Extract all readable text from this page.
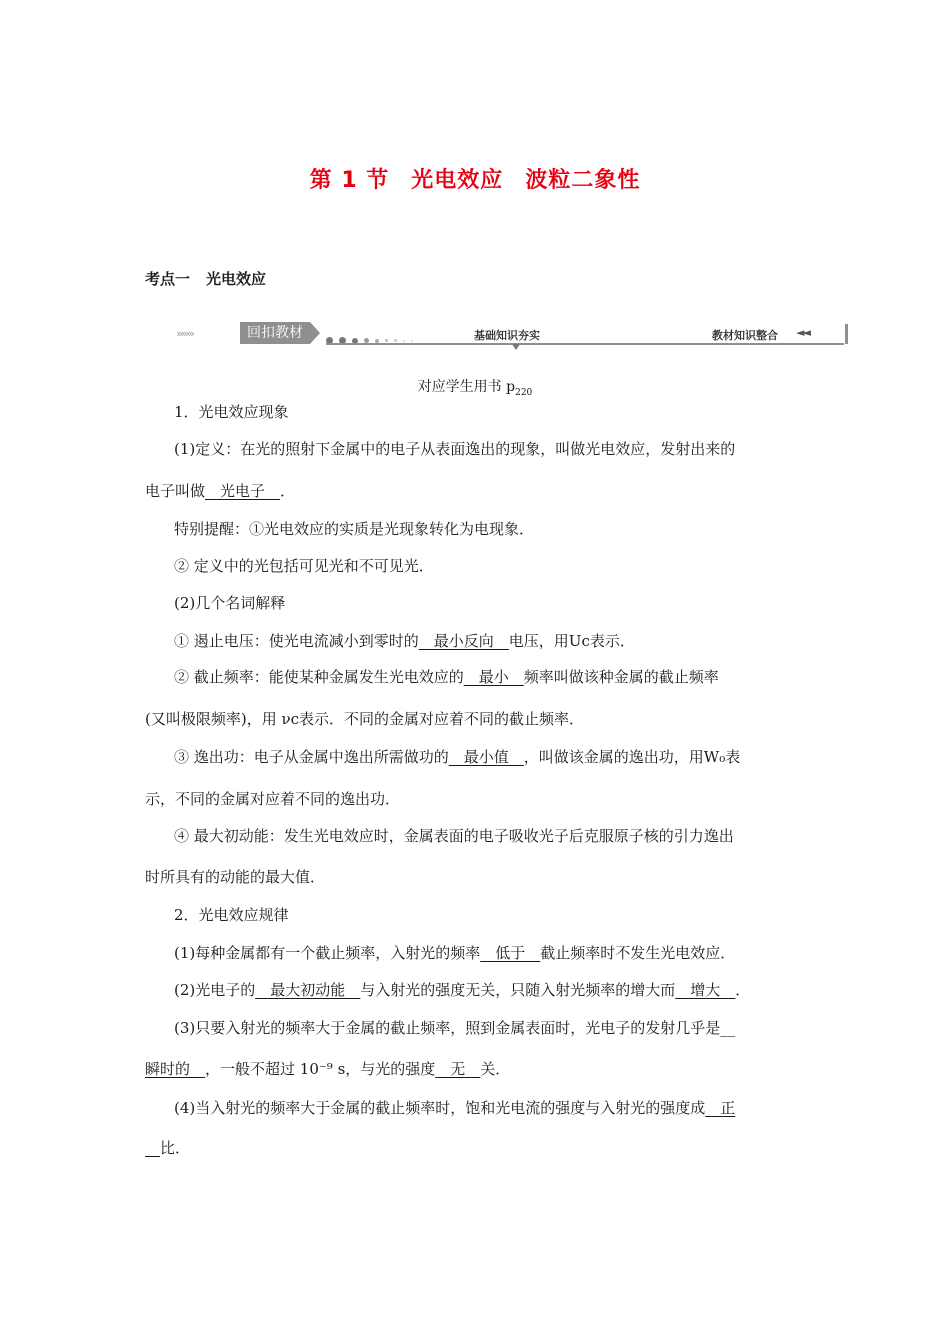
第 1 节 光电效应 波粒二象性
考点一 光电效应
›››››››	回扣教材	基础知识夯实	教材知识整合 ◄◄
对应学生用书 $p_{220}$
1．光电效应现象
(1)定义：在光的照射下金属中的电子从表面逸出的现象，叫做光电效应，发射出来的
电子叫做__光电子__．
特别提醒：①光电效应的实质是光现象转化为电现象．
② 定义中的光包括可见光和不可见光．
(2)几个名词解释
① 遏止电压：使光电流减小到零时的__最小反向__电压，用Uc表示．
② 截止频率：能使某种金属发生光电效应的__最小__频率叫做该种金属的截止频率
(又叫极限频率)，用 νc表示．不同的金属对应着不同的截止频率．
③ 逸出功：电子从金属中逸出所需做功的__最小值__，叫做该金属的逸出功，用W₀表
示，不同的金属对应着不同的逸出功．
④ 最大初动能：发生光电效应时，金属表面的电子吸收光子后克服原子核的引力逸出
时所具有的动能的最大值．
2．光电效应规律
(1)每种金属都有一个截止频率，入射光的频率__低于__截止频率时不发生光电效应．
(2)光电子的__最大初动能__与入射光的强度无关，只随入射光频率的增大而__增大__．
(3)只要入射光的频率大于金属的截止频率，照到金属表面时，光电子的发射几乎是__
瞬时的__，一般不超过 10⁻⁹ s，与光的强度__无__关．
(4)当入射光的频率大于金属的截止频率时，饱和光电流的强度与入射光的强度成__正
__比．
